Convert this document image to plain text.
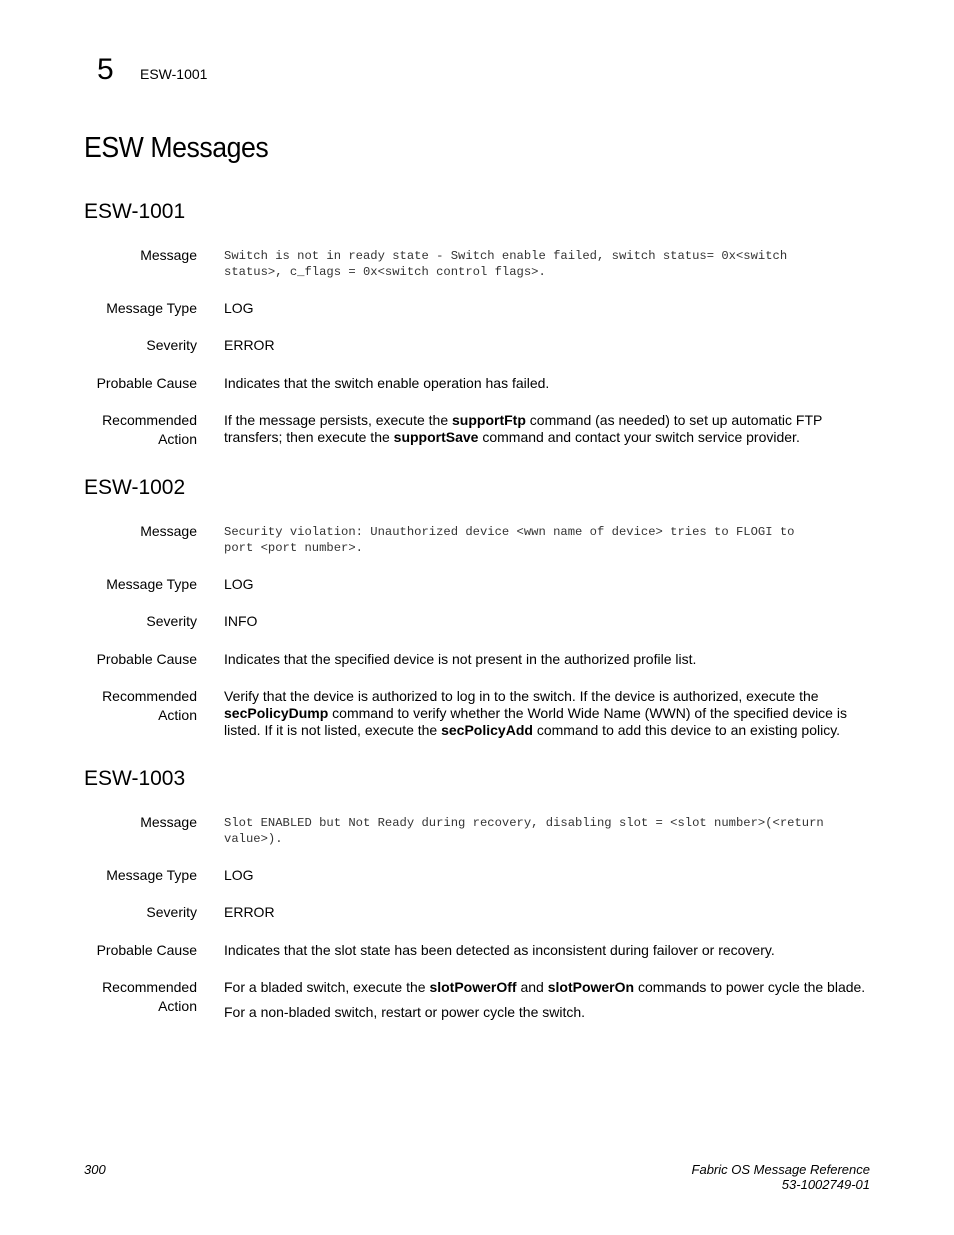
5 ESW-1001
ESW Messages
ESW-1001
Message Switch is not in ready state - Switch enable failed, switch status= 0x<switch
status>, c_flags = 0x<switch control flags>.
Message Type LOG
Severity ERROR
Probable Cause Indicates that the switch enable operation has failed.
Recommended
Action
If the message persists, execute the supportFtp command (as needed) to set up automatic FTP
transfers; then execute the supportSave command and contact your switch service provider.
ESW-1002
Message Security violation: Unauthorized device <wwn name of device> tries to FLOGI to
port <port number>.
Message Type LOG
Severity INFO
Probable Cause Indicates that the specified device is not present in the authorized profile list.
Recommended
Action
Verify that the device is authorized to log in to the switch. If the device is authorized, execute the
secPolicyDump command to verify whether the World Wide Name (WWN) of the specified device is
listed. If it is not listed, execute the secPolicyAdd command to add this device to an existing policy.
ESW-1003
Message Slot ENABLED but Not Ready during recovery, disabling slot = <slot number>(<return
value>).
Message Type LOG
Severity ERROR
Probable Cause Indicates that the slot state has been detected as inconsistent during failover or recovery.
Recommended
Action
For a bladed switch, execute the slotPowerOff and slotPowerOn commands to power cycle the blade.
For a non-bladed switch, restart or power cycle the switch.
300	Fabric OS Message Reference
53-1002749-01
